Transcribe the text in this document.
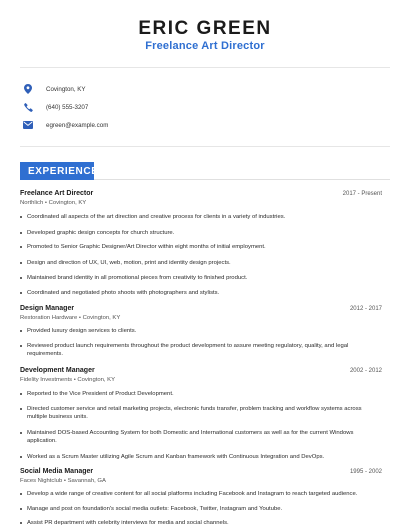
ERIC GREEN
Freelance Art Director
Covington, KY
(640) 555-3207
egreen@example.com
EXPERIENCE
Freelance Art Director	2017 - Present
Northlich • Covington, KY
Coordinated all aspects of the art direction and creative process for clients in a variety of industries.
Developed graphic design concepts for church structure.
Promoted to Senior Graphic Designer/Art Director within eight months of initial employment.
Design and direction of UX, UI, web, motion, print and identity design projects.
Maintained brand identity in all promotional pieces from creativity to finished product.
Coordinated and negotiated photo shoots with photographers and stylists.
Design Manager	2012 - 2017
Restoration Hardware • Covington, KY
Provided luxury design services to clients.
Reviewed product launch requirements throughout the product development to assure meeting regulatory, quality, and legal requirements.
Development Manager	2002 - 2012
Fidelity Investments • Covington, KY
Reported to the Vice President of Product Development.
Directed customer service and retail marketing projects, electronic funds transfer, problem tracking and workflow systems across multiple business units.
Maintained DOS-based Accounting System for both Domestic and International customers as well as for the current Windows application.
Worked as a Scrum Master utilizing Agile Scrum and Kanban framework with Continuous Integration and DevOps.
Social Media Manager	1995 - 2002
Faces Nightclub • Savannah, GA
Develop a wide range of creative content for all social platforms including Facebook and Instagram to reach targeted audience.
Manage and post on foundation's social media outlets: Facebook, Twitter, Instagram and Youtube.
Assist PR department with celebrity interviews for media and social channels.
